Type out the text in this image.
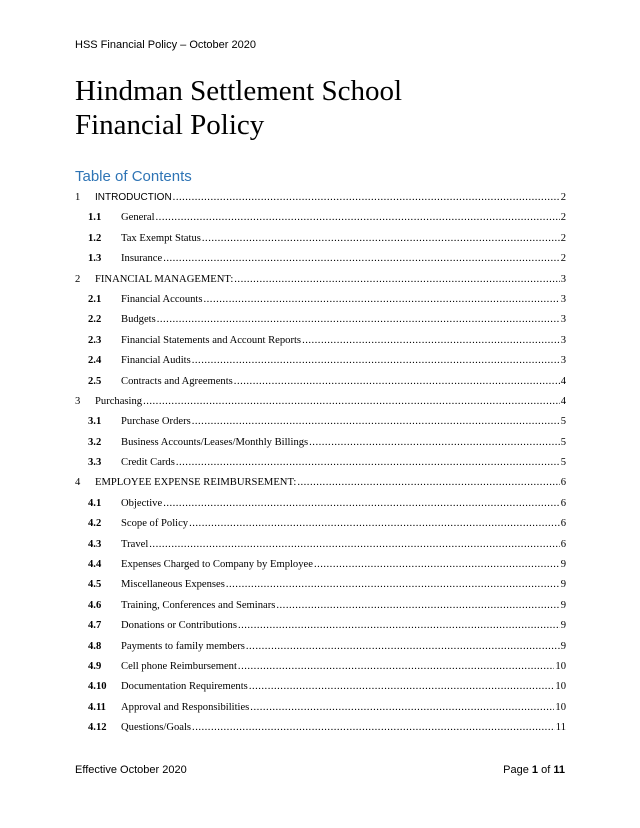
HSS Financial Policy – October 2020
Hindman Settlement School
Financial Policy
Table of Contents
1	INTRODUCTION .....	2
1.1	General .....	2
1.2	Tax Exempt Status .....	2
1.3	Insurance .....	2
2	FINANCIAL MANAGEMENT: .....	3
2.1	Financial Accounts .....	3
2.2	Budgets .....	3
2.3	Financial Statements and Account Reports .....	3
2.4	Financial Audits .....	3
2.5	Contracts and Agreements .....	4
3	Purchasing .....	4
3.1	Purchase Orders .....	5
3.2	Business Accounts/Leases/Monthly Billings .....	5
3.3	Credit Cards .....	5
4	EMPLOYEE EXPENSE REIMBURSEMENT: .....	6
4.1	Objective .....	6
4.2	Scope of Policy .....	6
4.3	Travel .....	6
4.4	Expenses Charged to Company by Employee .....	9
4.5	Miscellaneous Expenses .....	9
4.6	Training, Conferences and Seminars .....	9
4.7	Donations or Contributions .....	9
4.8	Payments to family members .....	9
4.9	Cell phone Reimbursement .....	10
4.10	Documentation Requirements .....	10
4.11	Approval and Responsibilities .....	10
4.12	Questions/Goals .....	11
Effective October 2020	Page 1 of 11
